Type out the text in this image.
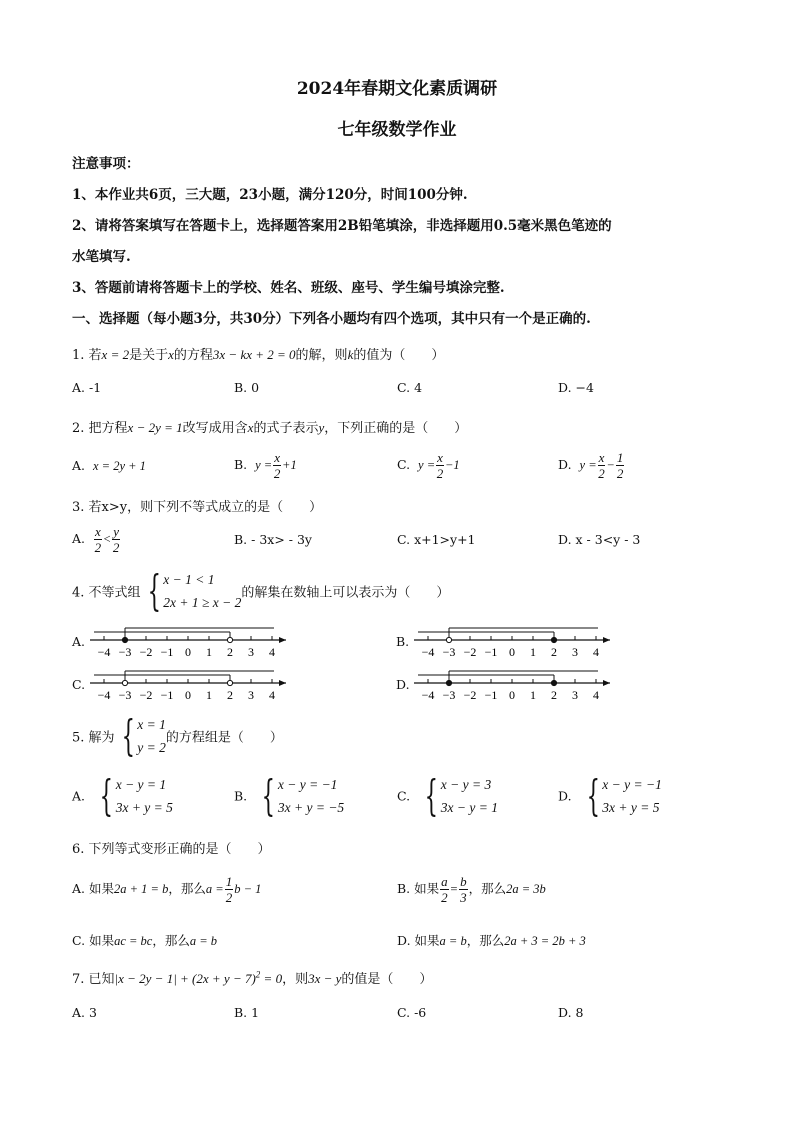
2024年春期文化素质调研
七年级数学作业
注意事项：
1、本作业共6页，三大题，23小题，满分120分，时间100分钟.
2、请将答案填写在答题卡上，选择题答案用2B铅笔填涂，非选择题用0.5毫米黑色笔迹的
水笔填写.
3、答题前请将答题卡上的学校、姓名、班级、座号、学生编号填涂完整.
一、选择题（每小题3分，共30分）下列各小题均有四个选项，其中只有一个是正确的.
1. 若x = 2是关于x的方程3x − kx + 2 = 0的解，则k的值为（　　）
A. -1	B. 0	C. 4	D. −4
2. 把方程x − 2y = 1改写成用含x的式子表示y，下列正确的是（　　）
A. x = 2y + 1	B. $y = \frac{x}{2} +1$	C. $y = \frac{x}{2} -1$	D. $y = \frac{x}{2} - \frac{1}{2}$
3. 若x>y，则下列不等式成立的是（　　）
A. $\frac{x}{2} < \frac{y}{2}$	B. - 3x> - 3y	C. x+1>y+1	D. x - 3<y - 3
4. 不等式组 { x − 1 < 1
2x + 1 ≥ x − 2
的解集在数轴上可以表示为（　　）
A.	B.
C.	D.
−4 −3 −2 −1 0 1 2 3 4	−4 −3 −2 −1 0 1 2 3 4
−4 −3 −2 −1 0 1 2 3 4	−4 −3 −2 −1 0 1 2 3 4
5. 解为 { x = 1
y = 2
的方程组是（　　）
A. { x − y = 1
3x + y = 5
B. { x − y = −1
3x + y = −5
C. { x − y = 3
3x − y = 1
D. { x − y = −1
3x + y = 5
6. 下列等式变形正确的是（　　）
A. 如果2a + 1 = b，那么$a = \frac{1}{2}$ b − 1	B. 如果 $\frac{a}{2} = \frac{b}{3}$ ，那么2a = 3b
C. 如果ac = bc，那么a = b	D. 如果a = b，那么2a + 3 = 2b + 3
7. 已知$|x - 2y - 1| + (2x + y - 7)^2 = 0$，则3x − y的值是（　　）
A. 3	B. 1	C. -6	D. 8
